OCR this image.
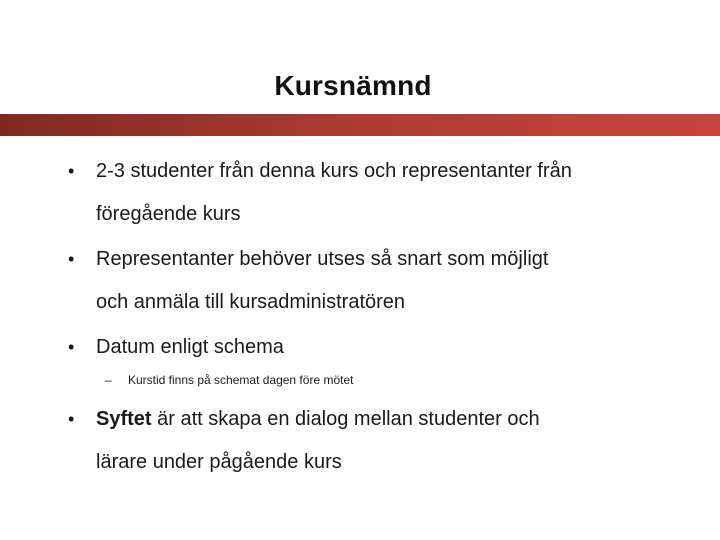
Kursnämnd
• 2-3 studenter från denna kurs och representanter från
föregående kurs
• Representanter behöver utses så snart som möjligt
och anmäla till kursadministratören
• Datum enligt schema
– Kurstid finns på schemat dagen före mötet
• Syftet är att skapa en dialog mellan studenter och
lärare under pågående kurs
